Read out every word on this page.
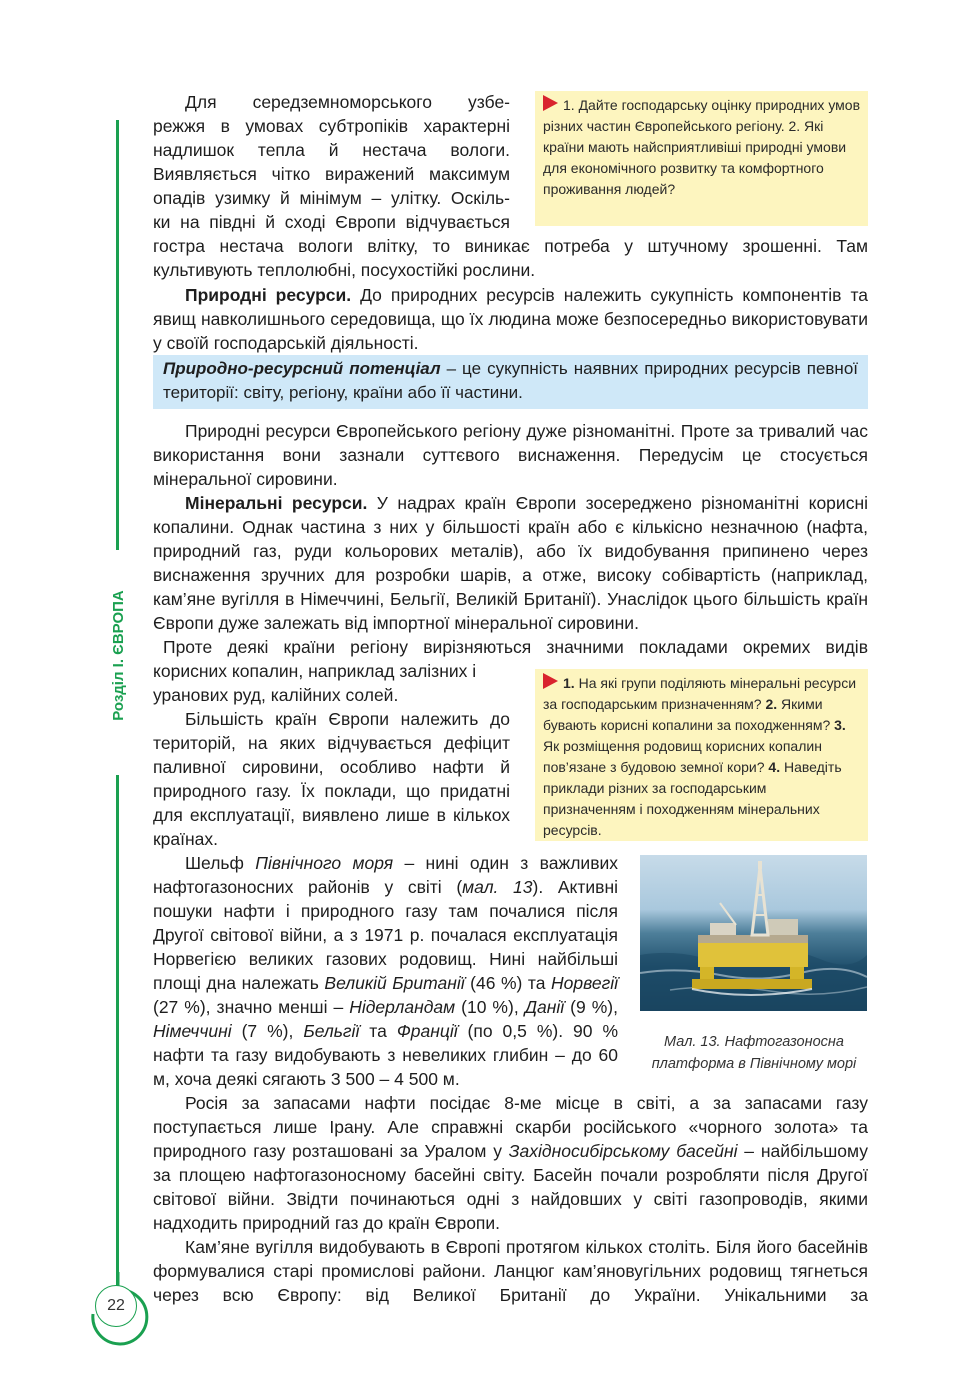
Розділ І. ЄВРОПА
22

Для середземноморського узбе-

режжя в умовах субтропіків характерні

надлишок тепла й нестача вологи.

Виявляється чітко виражений максимум

опадів узимку й мінімум – улітку. Оскіль-

ки на півдні й сході Європи відчувається

1. Дайте господарську оцінку природних умов різних частин Європейського регіону. 2. Які країни мають найсприятливіші природні умови для економічного розвитку та комфортного проживання людей?
гостра нестача вологи влітку, то виникає потреба у штучному зрошенні. Там культивують теплолюбні, посухостійкі рослини.
Природні ресурси. До природних ресурсів належить сукупність компонентів та явищ навколишнього середовища, що їх людина може безпосередньо використовувати у своїй господарській діяльності.
Природно-ресурсний потенціал – це сукупність наявних природних ресурсів певної території: світу, регіону, країни або її частини.
Природні ресурси Європейського регіону дуже різноманітні. Проте за тривалий час використання вони зазнали суттєвого виснаження. Передусім це стосується мінеральної сировини.
Мінеральні ресурси. У надрах країн Європи зосереджено різноманітні корисні копалини. Однак частина з них у більшості країн або є кількісно незначною (нафта, природний газ, руди кольорових металів), або їх видобування припинено через виснаження зручних для розробки шарів, а отже, високу собівартість (наприклад, кам’яне вугілля в Німеччині, Бельгії, Великій Британії). Унаслідок цього більшість країн Європи дуже залежать від імпортної мінеральної сировини.
Проте деякі країни регіону вирізняються значними покладами окремих видів
корисних копалин, наприклад залізних і уранових руд, калійних солей.
1. На які групи поділяють мінеральні ресурси за господарським призначенням? 2. Якими бувають корисні копалини за походженням? 3. Як розміщення родовищ корисних копалин пов’язане з будовою земної кори? 4. Наведіть приклади різних за господарським призначенням і походженням мінеральних ресурсів.
Більшість країн Європи належить до територій, на яких відчувається дефіцит паливної сировини, особливо нафти й природного газу. Їх поклади, що придатні для експлуатації, виявлено лише в кількох країнах.
Шельф Північного моря – нині один з важливих нафтогазоносних районів у світі (мал. 13). Активні пошуки нафти і природного газу там почалися після Другої світової війни, а з 1971 р. почалася експлуатація Норвегією великих газових родовищ. Нині найбільші площі дна належать Великій Британії (46 %) та Норвегії (27 %), значно менші – Нідерландам (10 %), Данії (9 %), Німеччині (7 %), Бельгії та Франції (по 0,5 %). 90 % нафти та газу видобувають з невеликих глибин – до 60 м, хоча деякі сягають 3 500 – 4 500 м.
Мал. 13. Нафтогазоносна
платформа в Північному морі
Росія за запасами нафти посідає 8-ме місце в світі, а за запасами газу поступається лише Ірану. Але справжні скарби російського «чорного золота» та природного газу розташовані за Уралом у Західносибірському басейні – найбільшому за площею нафтогазоносному басейні світу. Басейн почали розробляти після Другої світової війни. Звідти починаються одні з найдовших у світі газопроводів, якими надходить природний газ до країн Європи.
Кам’яне вугілля видобувають в Європі протягом кількох століть. Біля його басейнів формувалися старі промислові райони. Ланцюг кам’яновугільних родовищ тягнеться через всю Європу: від Великої Британії до України. Унікальними за
